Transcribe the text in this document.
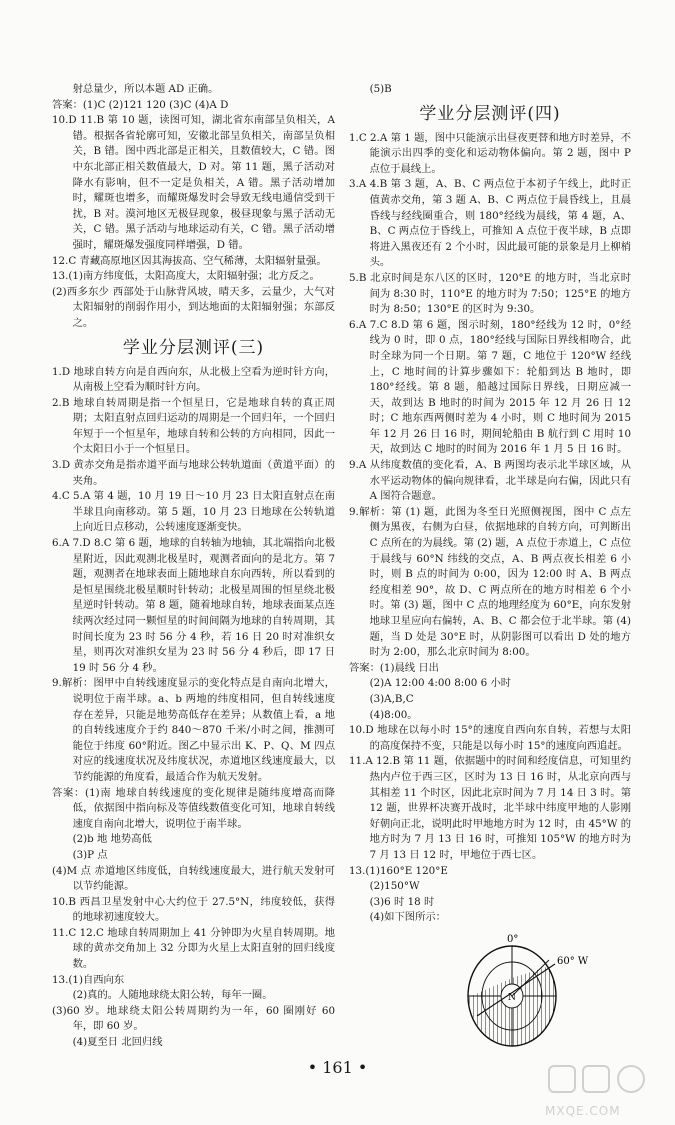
射总量少，所以本题 AD 正确。

答案：(1)C (2)121 120 (3)C (4)A D

10.D 11.B 第 10 题，读图可知，湖北省东南部呈负相关，A 错。根据各省轮廓可知，安徽北部呈负相关，南部呈负相关，B 错。图中西北部是正相关，且数值较大，C 错。图中东北部正相关数值最大，D 对。第 11 题，黑子活动对降水有影响，但不一定是负相关，A 错。黑子活动增加时，耀斑也增多，而耀斑爆发时会导致无线电通信受到干扰，B 对。漠河地区无极昼现象，极昼现象与黑子活动无关，C 错。黑子活动与地球运动有关，C 错。黑子活动增强时，耀斑爆发强度同样增强，D 错。

12.C 青藏高原地区因其海拔高、空气稀薄，太阳辐射量强。

13.(1)南方纬度低，太阳高度大，太阳辐射强；北方反之。

(2)西多东少 西部处于山脉背风坡，晴天多，云量少，大气对太阳辐射的削弱作用小，到达地面的太阳辐射强；东部反之。

学业分层测评(三)

1.D 地球自转方向是自西向东，从北极上空看为逆时针方向，从南极上空看为顺时针方向。

2.B 地球自转周期是指一个恒星日，它是地球自转的真正周期；太阳直射点回归运动的周期是一个回归年，一个回归年短于一个恒星年，地球自转和公转的方向相同，因此一个太阳日小于一个恒星日。

3.D 黄赤交角是指赤道平面与地球公转轨道面（黄道平面）的夹角。

4.C 5.A 第 4 题，10 月 19 日～10 月 23 日太阳直射点在南半球且向南移动。第 5 题，10 月 23 日地球在公转轨道上向近日点移动，公转速度逐渐变快。

6.A 7.D 8.C 第 6 题，地球的自转轴为地轴，其北端指向北极星附近，因此观测北极星时，观测者面向的是北方。第 7 题，观测者在地球表面上随地球自东向西转，所以看到的是恒星围绕北极星顺时针转动；北极星周围的恒星绕北极星逆时针转动。第 8 题，随着地球自转，地球表面某点连续两次经过同一颗恒星的时间间隔为地球的自转周期，其时间长度为 23 时 56 分 4 秒，若 16 日 20 时对准织女星，则再次对准织女星为 23 时 56 分 4 秒后，即 17 日 19 时 56 分 4 秒。

9.解析：图甲中自转线速度显示的变化特点是自南向北增大，说明位于南半球。a、b 两地的纬度相同，但自转线速度存在差异，只能是地势高低存在差异；从数值上看，a 地的自转线速度介于约 840～870 千米/小时之间，推测可能位于纬度 60°附近。图乙中显示出 K、P、Q、M 四点对应的线速度状况及纬度状况，赤道地区线速度最大，以节约能源的角度看，最适合作为航天发射。

答案：(1)南 地球自转线速度的变化规律是随纬度增高而降低，依据图中指向标及等值线数值变化可知，地球自转线速度自南向北增大，说明位于南半球。

(2)b 地 地势高低

(3)P 点

(4)M 点 赤道地区纬度低，自转线速度最大，进行航天发射可以节约能源。

10.B 西昌卫星发射中心大约位于 27.5°N，纬度较低，获得的地球初速度较大。

11.C 12.C 地球自转周期加上 41 分钟即为火星自转周期。地球的黄赤交角加上 32 分即为火星上太阳直射的回归线度数。

13.(1)自西向东

(2)真的。人随地球绕太阳公转，每年一圈。

(3)60 岁。地球绕太阳公转周期约为一年，60 圈刚好 60 年，即 60 岁。

(4)夏至日 北回归线

(5)B

学业分层测评(四)

1.C 2.A 第 1 题，图中只能演示出昼夜更替和地方时差异，不能演示出四季的变化和运动物体偏向。第 2 题，图中 P 点位于晨线上。

3.A 4.B 第 3 题，A、B、C 两点位于本初子午线上，此时正值黄赤交角，第 3 题 A、B、C 两点位于晨昏线上，且晨昏线与经线圈重合，则 180°经线为晨线，第 4 题，A、B、C 两点位于昏线上，可推知 A 点位于夜半球，B 点即将进入黑夜还有 2 个小时，因此最可能的景象是月上柳梢头。

5.B 北京时间是东八区的区时，120°E 的地方时，当北京时间为 8:30 时，110°E 的地方时为 7:50；125°E 的地方时为 8:50；130°E 的区时为 9:30。

6.A 7.C 8.D 第 6 题，图示时刻，180°经线为 12 时，0°经线为 0 时，即 0 点，180°经线与国际日界线相吻合，此时全球为同一个日期。第 7 题，C 地位于 120°W 经线上，C 地时间的计算步骤如下：轮船到达 B 地时，即 180°经线。第 8 题，船越过国际日界线，日期应减一天，故到达 B 地时的时间为 2015 年 12 月 26 日 12 时；C 地东西两侧时差为 4 小时，则 C 地时间为 2015 年 12 月 26 日 16 时，期间轮船由 B 航行到 C 用时 10 天，故到达 C 地时的时间为 2016 年 1 月 5 日 16 时。

9.A 从纬度数值的变化看，A、B 两图均表示北半球区域，从水平运动物体的偏向规律看，北半球是向右偏，因此只有 A 图符合题意。

9.解析：第 (1) 题，此图为冬至日光照侧视图，图中 C 点左侧为黑夜，右侧为白昼，依据地球的自转方向，可判断出 C 点所在的为晨线。第 (2) 题，A 点位于赤道上，C 点位于晨线与 60°N 纬线的交点，A、B 两点夜长相差 6 小时，则 B 点的时间为 0:00，因为 12:00 时 A、B 两点经度相差 90°，故 D、C 两点所在的地方时相差 6 个小时。第 (3) 题，图中 C 点的地理经度为 60°E，向东发射地球卫星应向右偏转，A、B、C 都会位于北半球。第 (4) 题，当 D 处是 30°E 时，从阴影图可以看出 D 处的地方时为 2:00，那么北京时间为 8:00。

答案：(1)晨线 日出

(2)A 12:00 4:00 8:00 6 小时

(3)A,B,C

(4)8:00。

10.D 地球在以每小时 15°的速度自西向东自转，若想与太阳的高度保持不变，只能是以每小时 15°的速度向西追赶。

11.A 12.B 第 11 题，依据题中的时间和经度信息，可知里约热内卢位于西三区，区时为 13 日 16 时，从北京向西与其相差 11 个时区，因此北京时间为 7 月 14 日 3 时。第 12 题，世界杯决赛开战时，北半球中纬度甲地的人影刚好朝向正北，说明此时甲地地方时为 12 时，由 45°W 的地方时为 7 月 13 日 16 时，可推知 105°W 的地方时为 7 月 13 日 12 时，甲地位于西七区。

13.(1)160°E 120°E

(2)150°W

(3)6 时 18 时

(4)如下图所示：

0°
60° W
N
• 161 •
MXQE.COM
